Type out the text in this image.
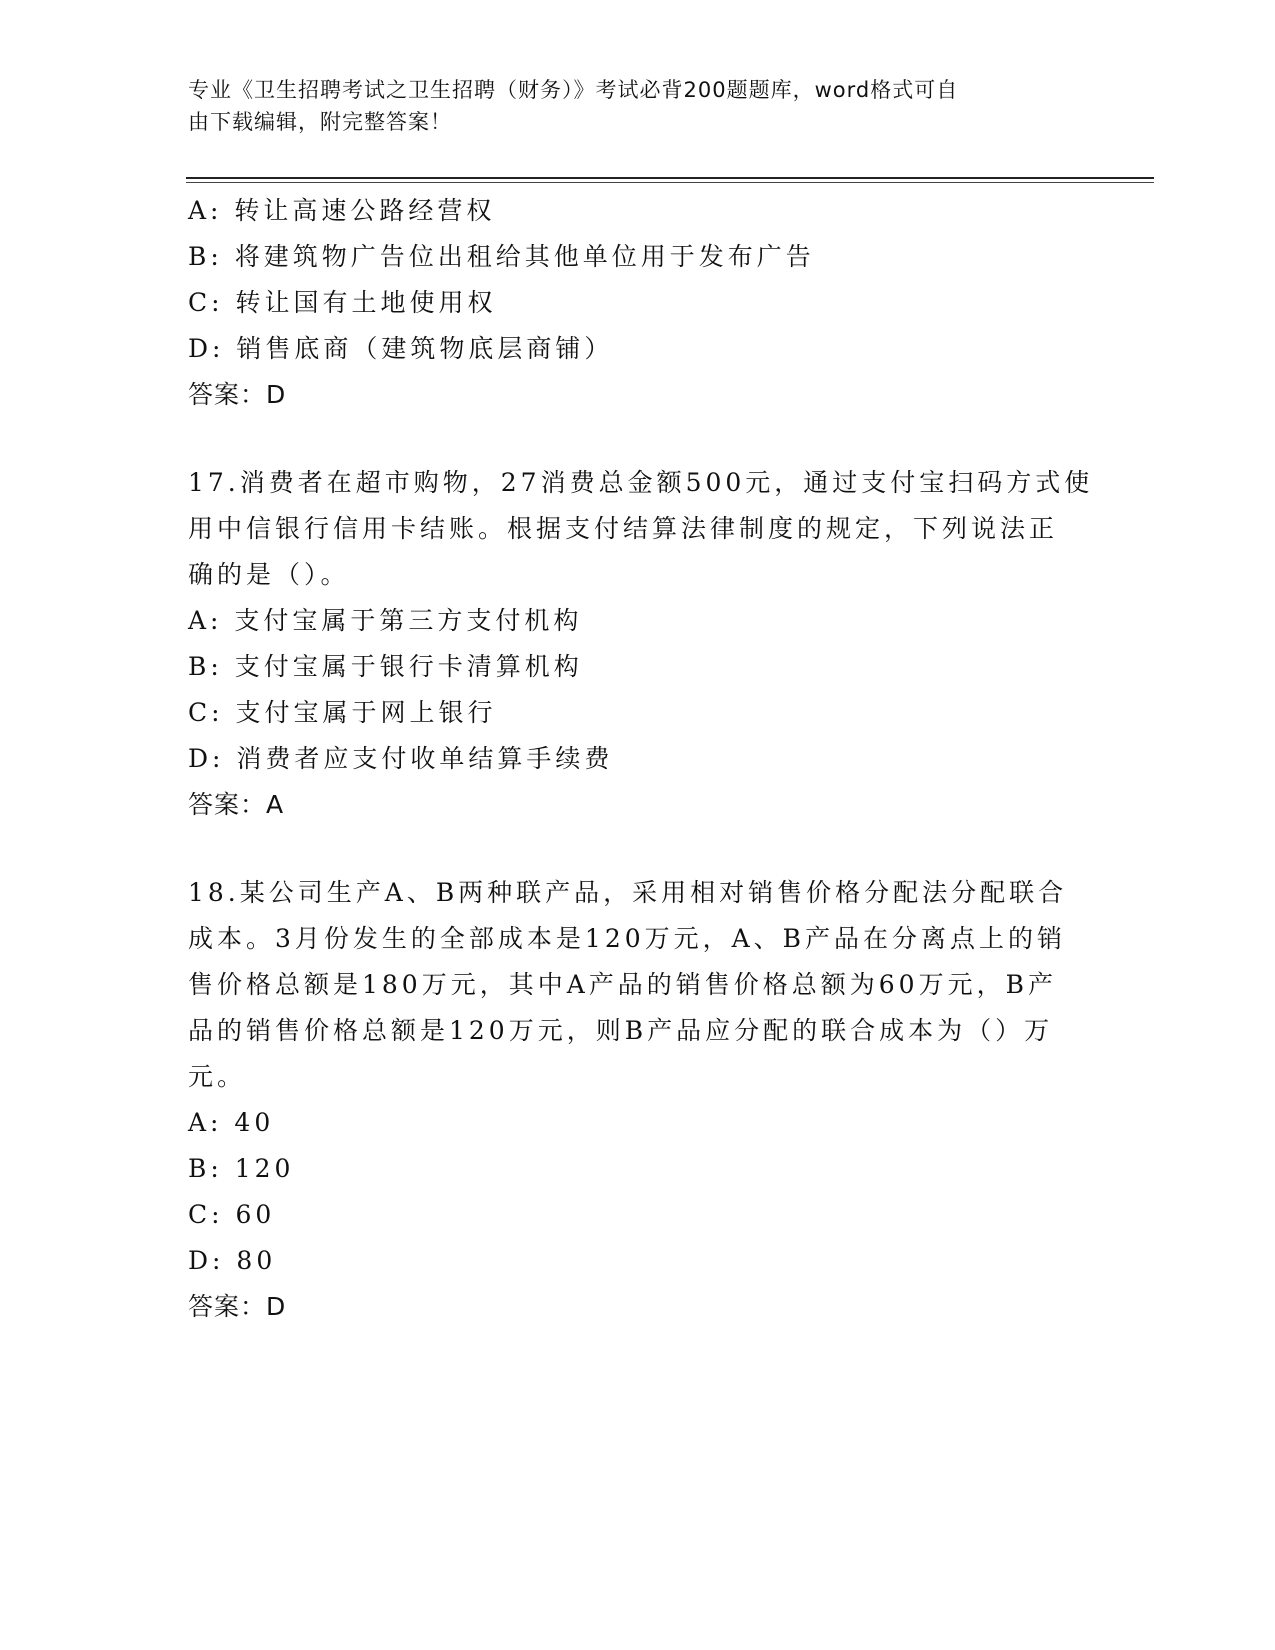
专业《卫生招聘考试之卫生招聘（财务）》考试必背200题题库，word格式可自
由下载编辑，附完整答案！
A: 转让高速公路经营权
B: 将建筑物广告位出租给其他单位用于发布广告
C: 转让国有土地使用权
D: 销售底商（建筑物底层商铺）
答案：D
17.消费者在超市购物，27消费总金额500元，通过支付宝扫码方式使
用中信银行信用卡结账。根据支付结算法律制度的规定，下列说法正
确的是（）。
A: 支付宝属于第三方支付机构
B: 支付宝属于银行卡清算机构
C: 支付宝属于网上银行
D: 消费者应支付收单结算手续费
答案：A
18.某公司生产A、B两种联产品，采用相对销售价格分配法分配联合
成本。3月份发生的全部成本是120万元，A、B产品在分离点上的销
售价格总额是180万元，其中A产品的销售价格总额为60万元，B产
品的销售价格总额是120万元，则B产品应分配的联合成本为（）万
元。
A: 40
B: 120
C: 60
D: 80
答案：D
